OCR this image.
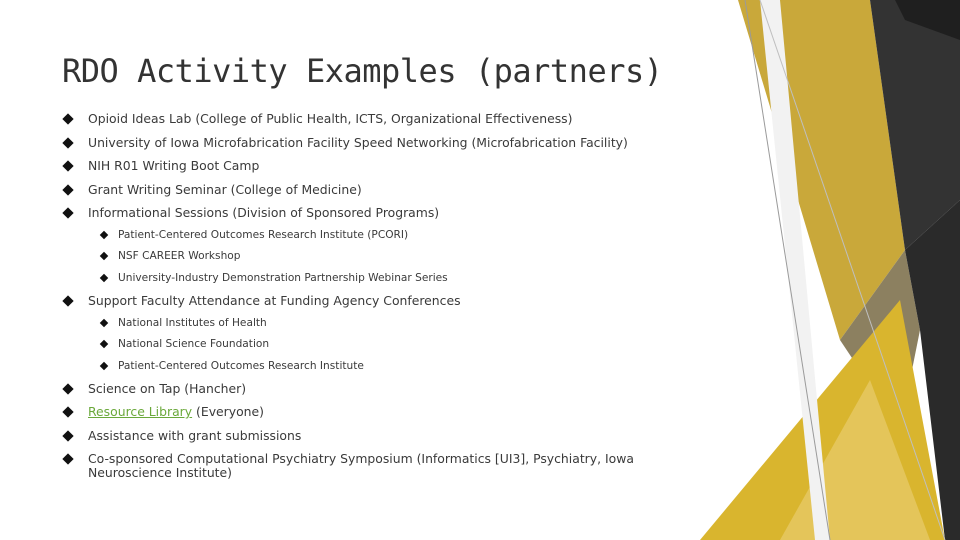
RDO Activity Examples (partners)
Opioid Ideas Lab (College of Public Health, ICTS, Organizational Effectiveness)
University of Iowa Microfabrication Facility Speed Networking (Microfabrication Facility)
NIH R01 Writing Boot Camp
Grant Writing Seminar (College of Medicine)
Informational Sessions (Division of Sponsored Programs)
Patient-Centered Outcomes Research Institute (PCORI)
NSF CAREER Workshop
University-Industry Demonstration Partnership Webinar Series
Support Faculty Attendance at Funding Agency Conferences
National Institutes of Health
National Science Foundation
Patient-Centered Outcomes Research Institute
Science on Tap (Hancher)
Resource Library (Everyone)
Assistance with grant submissions
Co-sponsored Computational Psychiatry Symposium (Informatics [UI3], Psychiatry, Iowa Neuroscience Institute)
